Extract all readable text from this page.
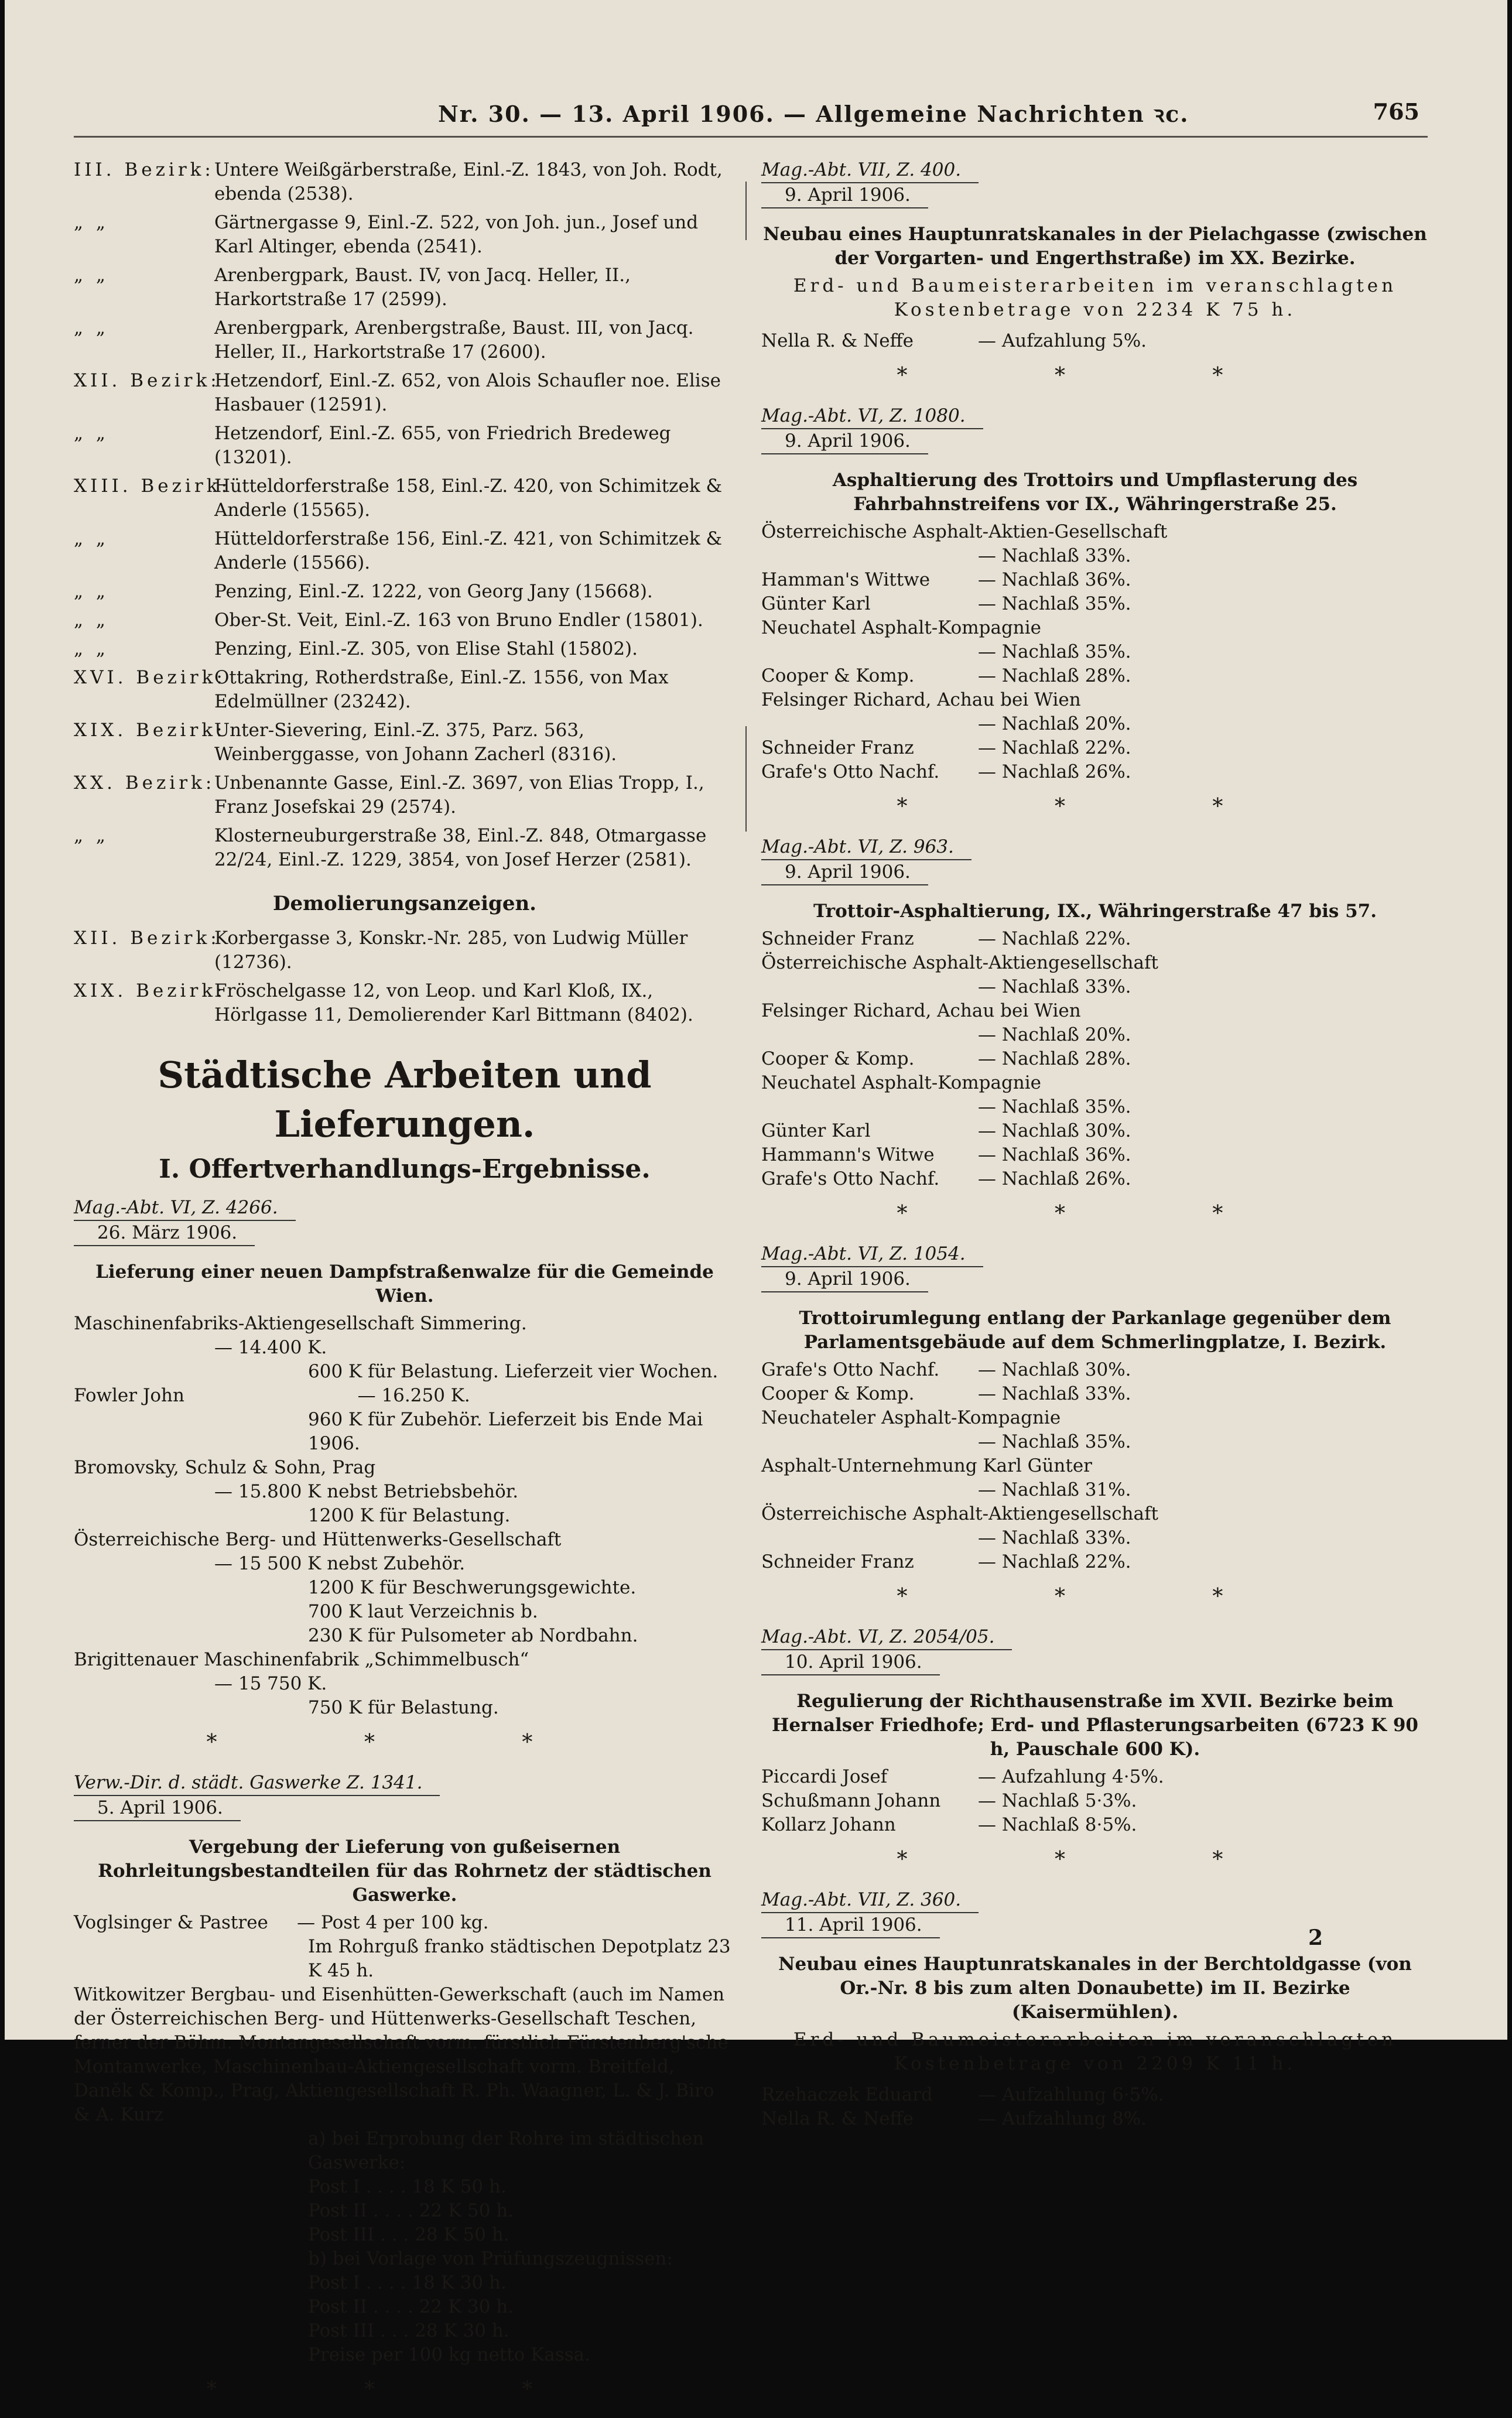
Nr. 30. — 13. April 1906. — Allgemeine Nachrichten ꝛc.	765
III. Bezirk: Untere Weißgärberstraße, Einl.-Z. 1843, von Joh. Rodt, ebenda (2538).
„ „	Gärtnergasse 9, Einl.-Z. 522, von Joh. jun., Josef und Karl Altinger, ebenda (2541).
„ „	Arenbergpark, Baust. IV, von Jacq. Heller, II., Harkortstraße 17 (2599).
„ „	Arenbergpark, Arenbergstraße, Baust. III, von Jacq. Heller, II., Harkortstraße 17 (2600).
XII. Bezirk:
Hetzendorf, Einl.-Z. 652, von Alois Schaufler noe. Elise Hasbauer (12591).
„ „	Hetzendorf, Einl.-Z. 655, von Friedrich Bredeweg (13201).
XIII. Bezirk:
Hütteldorferstraße 158, Einl.-Z. 420, von Schimitzek & Anderle (15565).
„ „	Hütteldorferstraße 156, Einl.-Z. 421, von Schimitzek & Anderle (15566).
„ „	Penzing, Einl.-Z. 1222, von Georg Jany (15668).
„ „	Ober-St. Veit, Einl.-Z. 163 von Bruno Endler (15801).
„ „	Penzing, Einl.-Z. 305, von Elise Stahl (15802).
XVI. Bezirk:
Ottakring, Rotherdstraße, Einl.-Z. 1556, von Max Edelmüllner (23242).
XIX. Bezirk:
Unter-Sievering, Einl.-Z. 375, Parz. 563, Weinberggasse, von Johann Zacherl (8316).
XX. Bezirk:
Unbenannte Gasse, Einl.-Z. 3697, von Elias Tropp, I., Franz Josefskai 29 (2574).
„ „	Klosterneuburgerstraße 38, Einl.-Z. 848, Otmargasse 22/24, Einl.-Z. 1229, 3854, von Josef Herzer (2581).
Demolierungsanzeigen.
XII. Bezirk:
Korbergasse 3, Konskr.-Nr. 285, von Ludwig Müller (12736).
XIX. Bezirk:
Fröschelgasse 12, von Leop. und Karl Kloß, IX., Hörlgasse 11, Demolierender Karl Bittmann (8402).
Städtische Arbeiten und Lieferungen.
I. Offertverhandlungs-Ergebnisse.
Mag.-Abt. VI, Z. 4266.
26. März 1906.
Lieferung einer neuen Dampfstraßenwalze für die Gemeinde Wien.
Maschinenfabriks-Aktiengesellschaft Simmering.
— 14.400 K.
600 K für Belastung. Lieferzeit vier Wochen.
Fowler John                              — 16.250 K.
960 K für Zubehör. Lieferzeit bis Ende Mai 1906.
Bromovsky, Schulz & Sohn, Prag
— 15.800 K nebst Betriebsbehör.
1200 K für Belastung.
Österreichische Berg- und Hüttenwerks-Gesellschaft
— 15 500 K nebst Zubehör.
1200 K für Beschwerungsgewichte.
700 K laut Verzeichnis b.
230 K für Pulsometer ab Nordbahn.
Brigittenauer Maschinenfabrik „Schimmelbusch“
— 15 750 K.
750 K für Belastung.
* * *
Verw.-Dir. d. städt. Gaswerke Z. 1341.
5. April 1906.
Vergebung der Lieferung von gußeisernen Rohrleitungsbestandteilen für das Rohrnetz der städtischen Gaswerke.
Voglsinger & Pastree     — Post 4 per 100 kg.
Im Rohrguß franko städtischen Depotplatz 23 K 45 h.
Witkowitzer Bergbau- und Eisenhütten-Gewerkschaft (auch im Namen der Österreichischen Berg- und Hüttenwerks-Gesellschaft Teschen, ferner der Böhm. Montangesellschaft vorm. fürstlich Fürstenberg'sche Montanwerke, Maschinenbau-Aktiengesellschaft vorm. Breitfeld, Daněk & Komp., Prag, Aktiengesellschaft R. Ph. Waagner, L. & J. Biro & A. Kurz
a) bei Erprobung der Rohre im städtischen Gaswerke:
Post I . . . . 18 K 50 h.
Post II . . . . 22 K 50 h.
Post III . . . 28 K 50 h.
b) bei Vorlage von Prüfungszeugnissen:
Post I . . . . 18 K 30 h.
Post II . . . . 22 K 30 h.
Post III . . . 28 K 30 h.
Preise per 100 kg netto Kassa.
* * *
Mag.-Abt. VII, Z. 400.
9. April 1906.
Neubau eines Hauptunratskanales in der Pielachgasse (zwischen der Vorgarten- und Engerthstraße) im XX. Bezirke.
Erd- und Baumeisterarbeiten im veranschlagten Kostenbetrage von 2234 K 75 h.
Nella R. & Neffe	— Aufzahlung 5%.
* * *
Mag.-Abt. VI, Z. 1080.
9. April 1906.
Asphaltierung des Trottoirs und Umpflasterung des Fahrbahnstreifens vor IX., Währingerstraße 25.
Österreichische Asphalt-Aktien-Gesellschaft
— Nachlaß 33%.
Hamman's Wittwe	— Nachlaß 36%.
Günter Karl	— Nachlaß 35%.
Neuchatel Asphalt-Kompagnie
— Nachlaß 35%.
Cooper & Komp.	— Nachlaß 28%.
Felsinger Richard, Achau bei Wien
— Nachlaß 20%.
Schneider Franz	— Nachlaß 22%.
Grafe's Otto Nachf.	— Nachlaß 26%.
* * *
Mag.-Abt. VI, Z. 963.
9. April 1906.
Trottoir-Asphaltierung, IX., Währingerstraße 47 bis 57.
Schneider Franz	— Nachlaß 22%.
Österreichische Asphalt-Aktiengesellschaft
— Nachlaß 33%.
Felsinger Richard, Achau bei Wien
— Nachlaß 20%.
Cooper & Komp.	— Nachlaß 28%.
Neuchatel Asphalt-Kompagnie
— Nachlaß 35%.
Günter Karl	— Nachlaß 30%.
Hammann's Witwe	— Nachlaß 36%.
Grafe's Otto Nachf.	— Nachlaß 26%.
* * *
Mag.-Abt. VI, Z. 1054.
9. April 1906.
Trottoirumlegung entlang der Parkanlage gegenüber dem Parlamentsgebäude auf dem Schmerlingplatze, I. Bezirk.
Grafe's Otto Nachf.	— Nachlaß 30%.
Cooper & Komp.	— Nachlaß 33%.
Neuchateler Asphalt-Kompagnie
— Nachlaß 35%.
Asphalt-Unternehmung Karl Günter
— Nachlaß 31%.
Österreichische Asphalt-Aktiengesellschaft
— Nachlaß 33%.
Schneider Franz	— Nachlaß 22%.
* * *
Mag.-Abt. VI, Z. 2054/05.
10. April 1906.
Regulierung der Richthausenstraße im XVII. Bezirke beim Hernalser Friedhofe; Erd- und Pflasterungsarbeiten (6723 K 90 h, Pauschale 600 K).
Piccardi Josef	— Aufzahlung 4·5%.
Schußmann Johann	— Nachlaß 5·3%.
Kollarz Johann	— Nachlaß 8·5%.
* * *
Mag.-Abt. VII, Z. 360.
11. April 1906.
Neubau eines Hauptunratskanales in der Berchtoldgasse (von Or.-Nr. 8 bis zum alten Donaubette) im II. Bezirke (Kaisermühlen).
Erd- und Baumeisterarbeiten im veranschlagten Kostenbetrage von 2209 K 11 h.
Rzehaczek Eduard	— Aufzahlung 6·5%.
Nella R. & Neffe	— Aufzahlung 8%.
2
